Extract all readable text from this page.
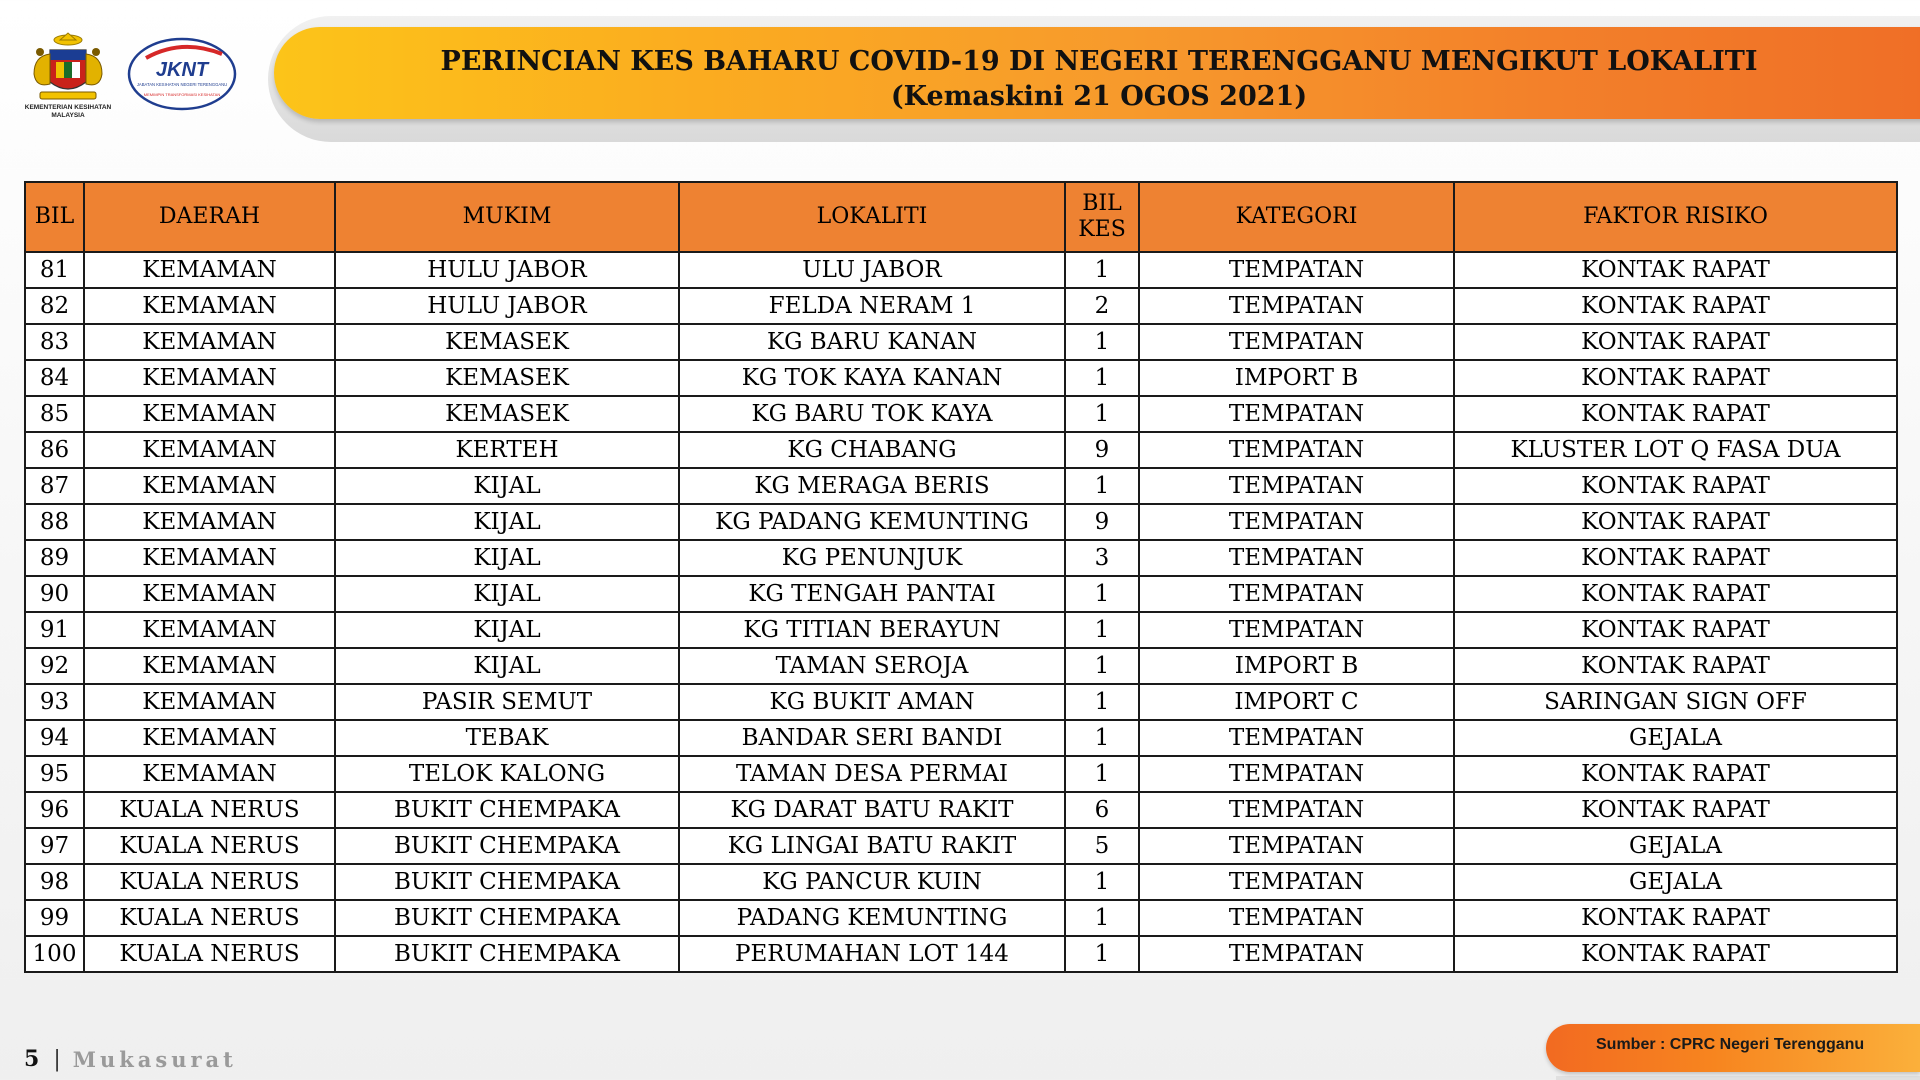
KEMENTERIAN KESIHATAN
MALAYSIA
JKNT
JABATAN KESIHATAN NEGERI TERENGGANU
MEMIMPIN TRANSFORMASI KESIHATAN
PERINCIAN KES BAHARU COVID-19 DI NEGERI TERENGGANU MENGIKUT LOKALITI
(Kemaskini 21 OGOS 2021)
BIL	DAERAH	MUKIM	LOKALITI	BIL KES	KATEGORI	FAKTOR RISIKO
81	KEMAMAN	HULU JABOR	ULU JABOR	1	TEMPATAN	KONTAK RAPAT
82	KEMAMAN	HULU JABOR	FELDA NERAM 1	2	TEMPATAN	KONTAK RAPAT
83	KEMAMAN	KEMASEK	KG BARU KANAN	1	TEMPATAN	KONTAK RAPAT
84	KEMAMAN	KEMASEK	KG TOK KAYA KANAN	1	IMPORT B	KONTAK RAPAT
85	KEMAMAN	KEMASEK	KG BARU TOK KAYA	1	TEMPATAN	KONTAK RAPAT
86	KEMAMAN	KERTEH	KG CHABANG	9	TEMPATAN	KLUSTER LOT Q FASA DUA
87	KEMAMAN	KIJAL	KG MERAGA BERIS	1	TEMPATAN	KONTAK RAPAT
88	KEMAMAN	KIJAL	KG PADANG KEMUNTING	9	TEMPATAN	KONTAK RAPAT
89	KEMAMAN	KIJAL	KG PENUNJUK	3	TEMPATAN	KONTAK RAPAT
90	KEMAMAN	KIJAL	KG TENGAH PANTAI	1	TEMPATAN	KONTAK RAPAT
91	KEMAMAN	KIJAL	KG TITIAN BERAYUN	1	TEMPATAN	KONTAK RAPAT
92	KEMAMAN	KIJAL	TAMAN SEROJA	1	IMPORT B	KONTAK RAPAT
93	KEMAMAN	PASIR SEMUT	KG BUKIT AMAN	1	IMPORT C	SARINGAN SIGN OFF
94	KEMAMAN	TEBAK	BANDAR SERI BANDI	1	TEMPATAN	GEJALA
95	KEMAMAN	TELOK KALONG	TAMAN DESA PERMAI	1	TEMPATAN	KONTAK RAPAT
96	KUALA NERUS	BUKIT CHEMPAKA	KG DARAT BATU RAKIT	6	TEMPATAN	KONTAK RAPAT
97	KUALA NERUS	BUKIT CHEMPAKA	KG LINGAI BATU RAKIT	5	TEMPATAN	GEJALA
98	KUALA NERUS	BUKIT CHEMPAKA	KG PANCUR KUIN	1	TEMPATAN	GEJALA
99	KUALA NERUS	BUKIT CHEMPAKA	PADANG KEMUNTING	1	TEMPATAN	KONTAK RAPAT
100	KUALA NERUS	BUKIT CHEMPAKA	PERUMAHAN LOT 144	1	TEMPATAN	KONTAK RAPAT
5 | Mukasurat
Sumber : CPRC Negeri Terengganu
